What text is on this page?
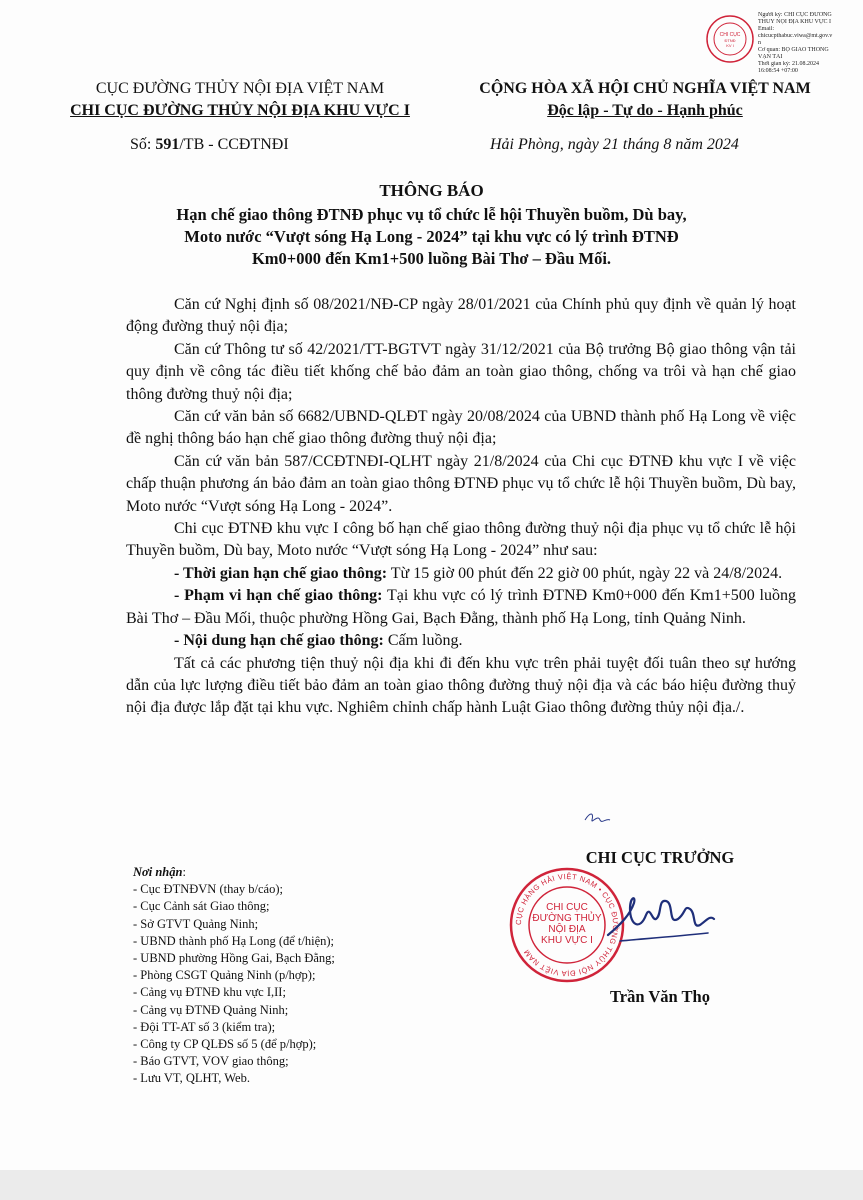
CHI CỤC
ĐTNĐ
KV I
Người ký: CHI CỤC ĐƯỜNG
THUỶ NỘI ĐỊA KHU VỰC I
Email:
chicucpthabuc.viwa@mt.gov.v
n
Cơ quan: BỘ GIAO THÔNG
VẬN TẢI
Thời gian ký: 21.08.2024
16:08:54 +07:00
CỤC ĐƯỜNG THỦY NỘI ĐỊA VIỆT NAM
CHI CỤC ĐƯỜNG THỦY NỘI ĐỊA KHU VỰC I
CỘNG HÒA XÃ HỘI CHỦ NGHĨA VIỆT NAM
Độc lập - Tự do - Hạnh phúc
Số: 591/TB - CCĐTNĐI	Hải Phòng, ngày 21 tháng 8 năm 2024
THÔNG BÁO
Hạn chế giao thông ĐTNĐ phục vụ tổ chức lễ hội Thuyền buồm, Dù bay,
Moto nước “Vượt sóng Hạ Long - 2024” tại khu vực có lý trình ĐTNĐ
Km0+000 đến Km1+500 luồng Bài Thơ – Đầu Mối.

Căn cứ Nghị định số 08/2021/NĐ-CP ngày 28/01/2021 của Chính phủ quy định về quản lý hoạt động đường thuỷ nội địa;

Căn cứ Thông tư số 42/2021/TT-BGTVT ngày 31/12/2021 của Bộ trưởng Bộ giao thông vận tải quy định về công tác điều tiết khống chế bảo đảm an toàn giao thông, chống va trôi và hạn chế giao thông đường thuỷ nội địa;

Căn cứ văn bản số 6682/UBND-QLĐT ngày 20/08/2024 của UBND thành phố Hạ Long về việc đề nghị thông báo hạn chế giao thông đường thuỷ nội địa;

Căn cứ văn bản 587/CCĐTNĐI-QLHT ngày 21/8/2024 của Chi cục ĐTNĐ khu vực I về việc chấp thuận phương án bảo đảm an toàn giao thông ĐTNĐ phục vụ tổ chức lễ hội Thuyền buồm, Dù bay, Moto nước “Vượt sóng Hạ Long - 2024”.

Chi cục ĐTNĐ khu vực I công bố hạn chế giao thông đường thuỷ nội địa phục vụ tổ chức lễ hội Thuyền buồm, Dù bay, Moto nước “Vượt sóng Hạ Long - 2024” như sau:

- Thời gian hạn chế giao thông: Từ 15 giờ 00 phút đến 22 giờ 00 phút, ngày 22 và 24/8/2024.

- Phạm vi hạn chế giao thông: Tại khu vực có lý trình ĐTNĐ Km0+000 đến Km1+500 luồng Bài Thơ – Đầu Mối, thuộc phường Hồng Gai, Bạch Đằng, thành phố Hạ Long, tỉnh Quảng Ninh.

- Nội dung hạn chế giao thông: Cấm luồng.

Tất cả các phương tiện thuỷ nội địa khi đi đến khu vực trên phải tuyệt đối tuân theo sự hướng dẫn của lực lượng điều tiết bảo đảm an toàn giao thông đường thuỷ nội địa và các báo hiệu đường thuỷ nội địa được lắp đặt tại khu vực. Nghiêm chỉnh chấp hành Luật Giao thông đường thủy nội địa./.

Nơi nhận:
- Cục ĐTNĐVN (thay b/cáo);
- Cục Cảnh sát Giao thông;
- Sở GTVT Quảng Ninh;
- UBND thành phố Hạ Long (để t/hiện);
- UBND phường Hồng Gai, Bạch Đằng;
- Phòng CSGT Quảng Ninh (p/hợp);
- Cảng vụ ĐTNĐ khu vực I,II;
- Cảng vụ ĐTNĐ Quảng Ninh;
- Đội TT-AT số 3 (kiểm tra);
- Công ty CP QLĐS số 5 (để p/hợp);
- Báo GTVT, VOV giao thông;
- Lưu VT, QLHT, Web.
CHI CỤC TRƯỞNG
CỤC HÀNG HẢI VIỆT NAM • CỤC ĐƯỜNG THỦY NỘI ĐỊA VIỆT NAM
CHI CỤC
ĐƯỜNG THỦY
NỘI ĐỊA
KHU VỰC I
Trần Văn Thọ
